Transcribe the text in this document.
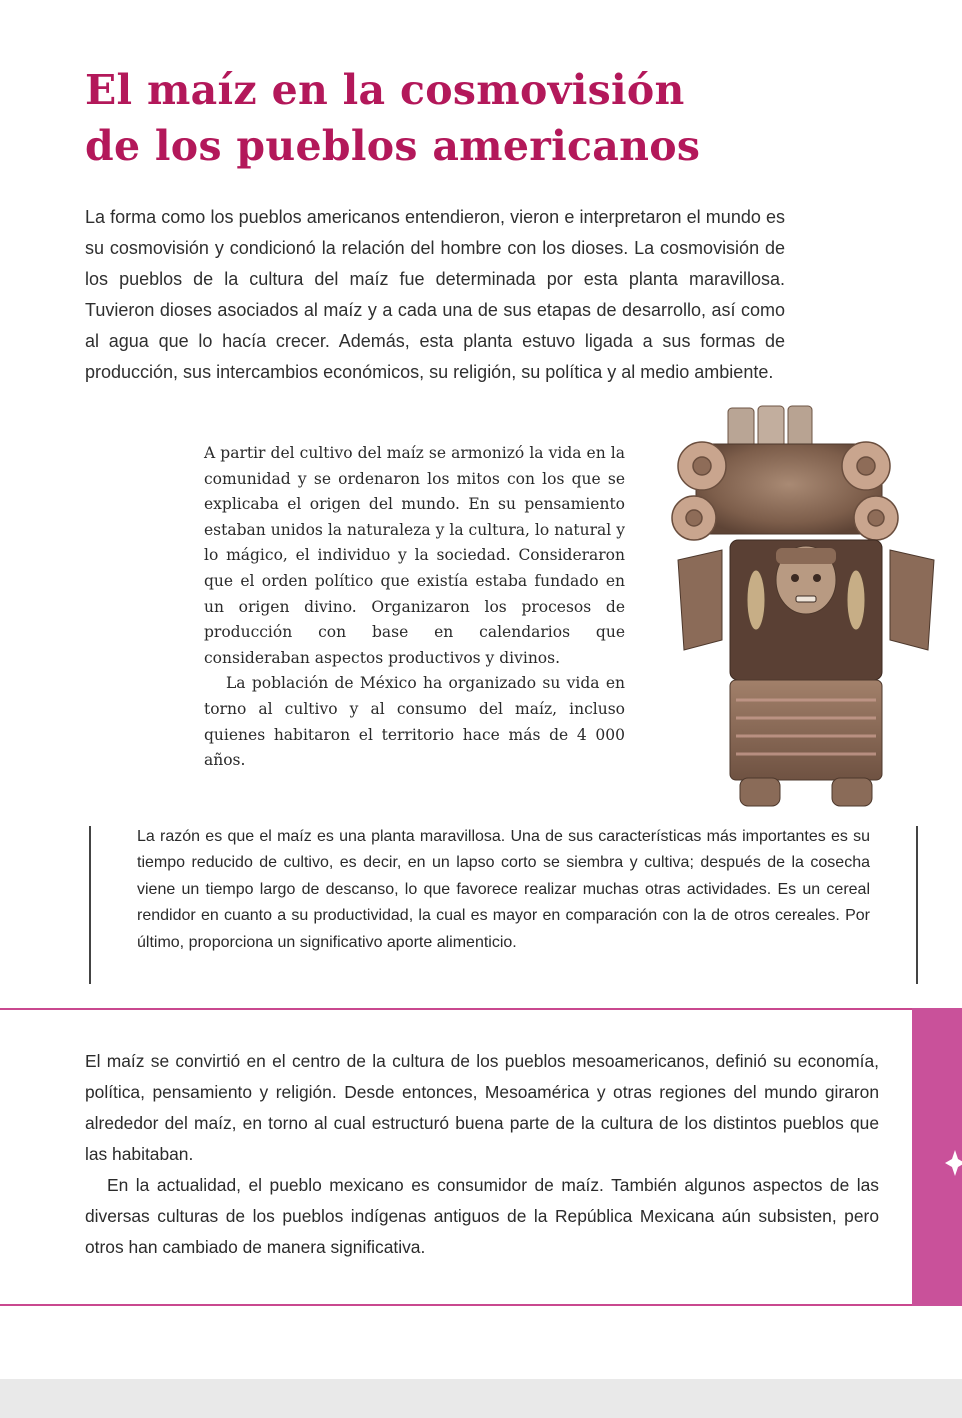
El maíz en la cosmovisión
de los pueblos americanos

La forma como los pueblos americanos entendieron, vieron e interpretaron el mundo es su cosmovisión y condicionó la relación del hombre con los dioses. La cosmovisión de los pueblos de la cultura del maíz fue determinada por esta planta maravillosa. Tuvieron dioses asociados al maíz y a cada una de sus etapas de desarrollo, así como al agua que lo hacía crecer. Además, esta planta estuvo ligada a sus formas de producción, sus intercambios económicos, su religión, su política y al medio ambiente.

A partir del cultivo del maíz se armonizó la vida en la comunidad y se ordenaron los mitos con los que se explicaba el origen del mundo. En su pensamiento estaban unidos la naturaleza y la cultura, lo natural y lo mágico, el individuo y la sociedad. Consideraron que el orden político que existía estaba fundado en un origen divino. Organizaron los procesos de producción con base en calendarios que consideraban aspectos productivos y divinos.

La población de México ha organizado su vida en torno al cultivo y al consumo del maíz, incluso quienes habitaron el territorio hace más de 4 000 años.

La razón es que el maíz es una planta maravillosa. Una de sus características más importantes es su tiempo reducido de cultivo, es decir, en un lapso corto se siembra y cultiva; después de la cosecha viene un tiempo largo de descanso, lo que favorece realizar muchas otras actividades. Es un cereal rendidor en cuanto a su productividad, la cual es mayor en comparación con la de otros cereales. Por último, proporciona un significativo aporte alimenticio.

El maíz se convirtió en el centro de la cultura de los pueblos mesoamericanos, definió su economía, política, pensamiento y religión. Desde entonces, Mesoamérica y otras regiones del mundo giraron alrededor del maíz, en torno al cual estructuró buena parte de la cultura de los distintos pueblos que las habitaban.

En la actualidad, el pueblo mexicano es consumidor de maíz. También algunos aspectos de las diversas culturas de los pueblos indígenas antiguos de la República Mexicana aún subsisten, pero otros han cambiado de manera significativa.
